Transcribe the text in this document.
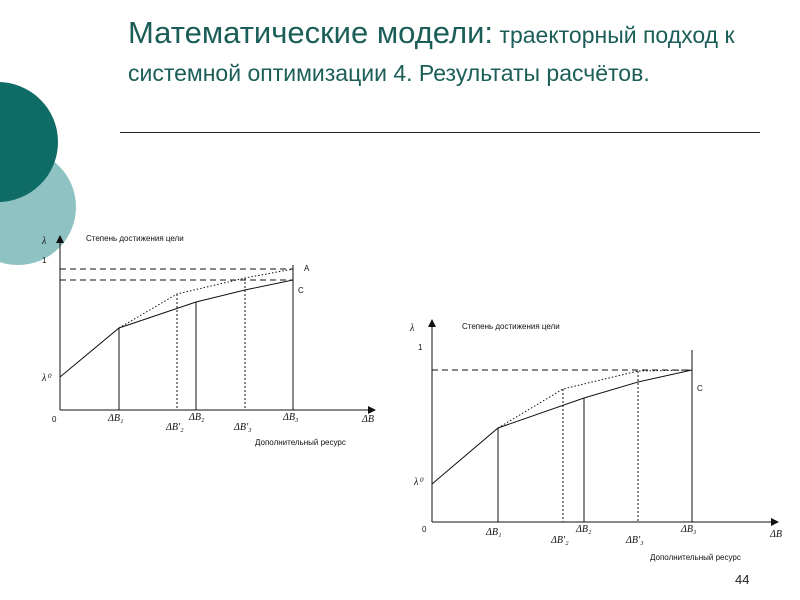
Математические модели: траекторный подход к системной оптимизации 4. Результаты расчётов.
λ	Степень достижения цели
1
λ⁰
0
A
C
ΔB₁
ΔB′₂
ΔB₂
ΔB′₃
ΔB₃	ΔB
Дополнительный ресурс
λ	Степень достижения цели
1
λ⁰
0
C
ΔB₁
ΔB′₂
ΔB₂
ΔB′₃
ΔB₃	ΔB
Дополнительный ресурс
44
